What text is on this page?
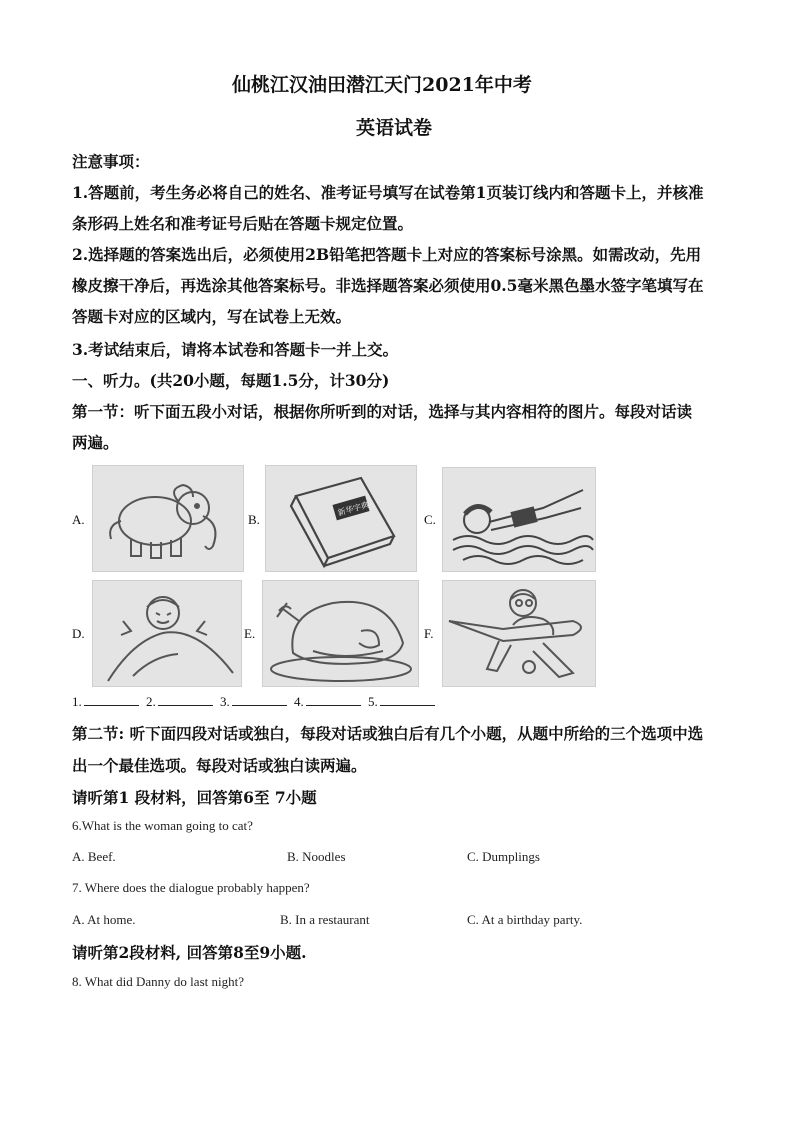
仙桃江汉油田潜江天门2021年中考
英语试卷
注意事项：
1.答题前，考生务必将自己的姓名、准考证号填写在试卷第1页装订线内和答题卡上，并核准
条形码上姓名和准考证号后贴在答题卡规定位置。
2.选择题的答案选出后，必须使用2B铅笔把答题卡上对应的答案标号涂黑。如需改动，先用
橡皮擦干净后，再选涂其他答案标号。非选择题答案必须使用0.5毫米黑色墨水签字笔填写在
答题卡对应的区域内，写在试卷上无效。
3.考试结束后，请将本试卷和答题卡一并上交。
一、听力。(共20小题，每题1.5分，计30分)
第一节：听下面五段小对话，根据你所听到的对话，选择与其内容相符的图片。每段对话读
两遍。
A.	B.
新华字典
C.
D.	E.	F.
1.	2.	3.	4.	5.
第二节: 听下面四段对话或独白，每段对话或独白后有几个小题，从题中所给的三个选项中选
出一个最佳选项。每段对话或独白读两遍。
请听第1 段材料，回答第6至 7小题
6.What is the woman going to cat?
A. Beef.	B. Noodles	C. Dumplings
7. Where does the dialogue probably happen?
A. At home.	B. In a restaurant	C. At a birthday party.
请听第2段材料, 回答第8至9小题.
8. What did Danny do last night?
